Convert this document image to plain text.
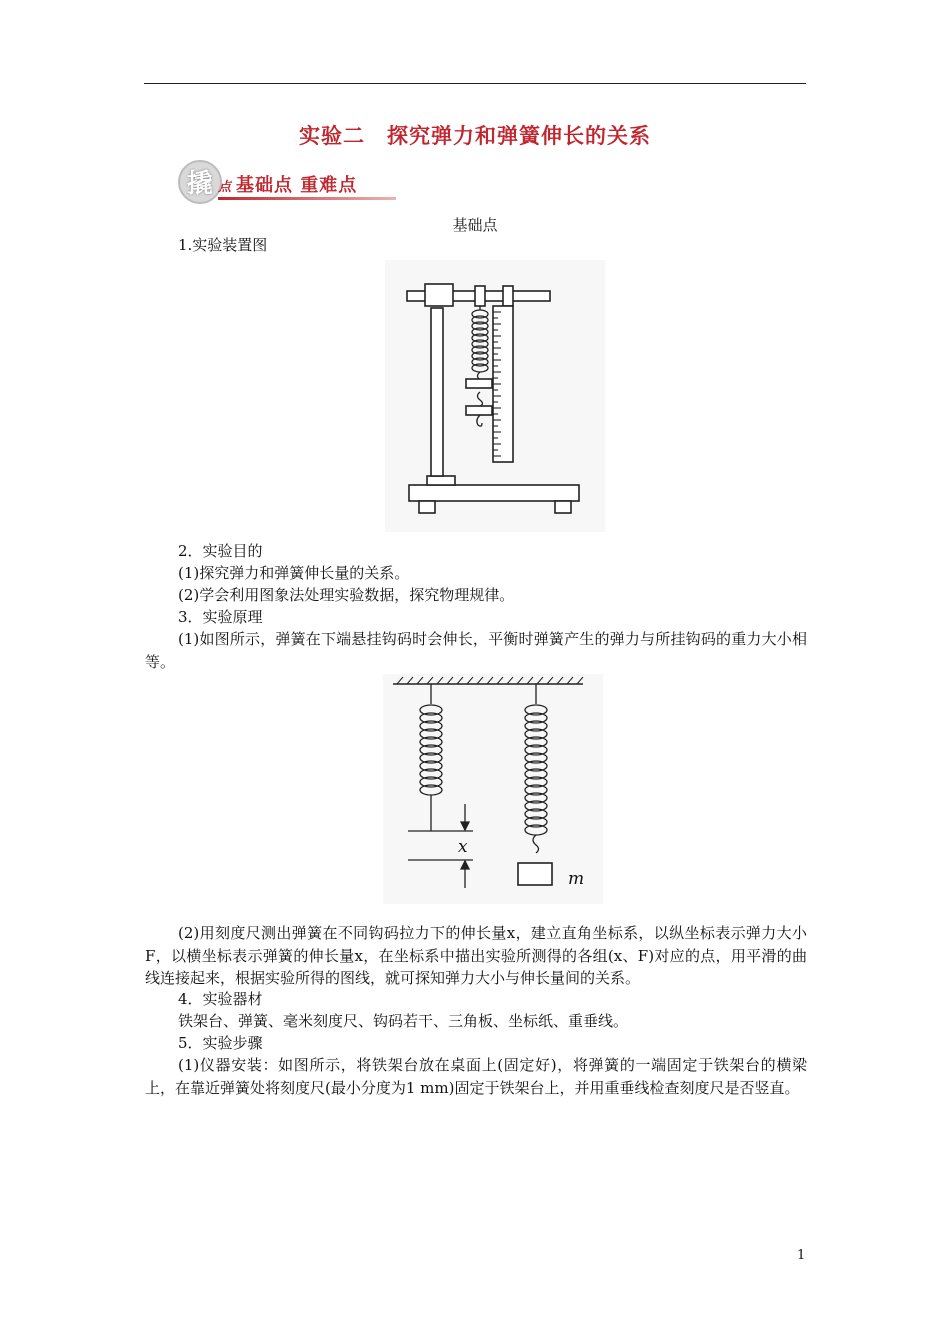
实验二　探究弹力和弹簧伸长的关系
撬 点 基础点 重难点
基础点
1.实验装置图
2．实验目的
(1)探究弹力和弹簧伸长量的关系。
(2)学会利用图象法处理实验数据，探究物理规律。
3．实验原理
(1)如图所示，弹簧在下端悬挂钩码时会伸长，平衡时弹簧产生的弹力与所挂钩码的重力大小相等。
x
m
(2)用刻度尺测出弹簧在不同钩码拉力下的伸长量x，建立直角坐标系，以纵坐标表示弹力大小F，以横坐标表示弹簧的伸长量x，在坐标系中描出实验所测得的各组(x、F)对应的点，用平滑的曲线连接起来，根据实验所得的图线，就可探知弹力大小与伸长量间的关系。
4．实验器材
铁架台、弹簧、毫米刻度尺、钩码若干、三角板、坐标纸、重垂线。
5．实验步骤
(1)仪器安装：如图所示，将铁架台放在桌面上(固定好)，将弹簧的一端固定于铁架台的横梁上，在靠近弹簧处将刻度尺(最小分度为1 mm)固定于铁架台上，并用重垂线检查刻度尺是否竖直。
1
